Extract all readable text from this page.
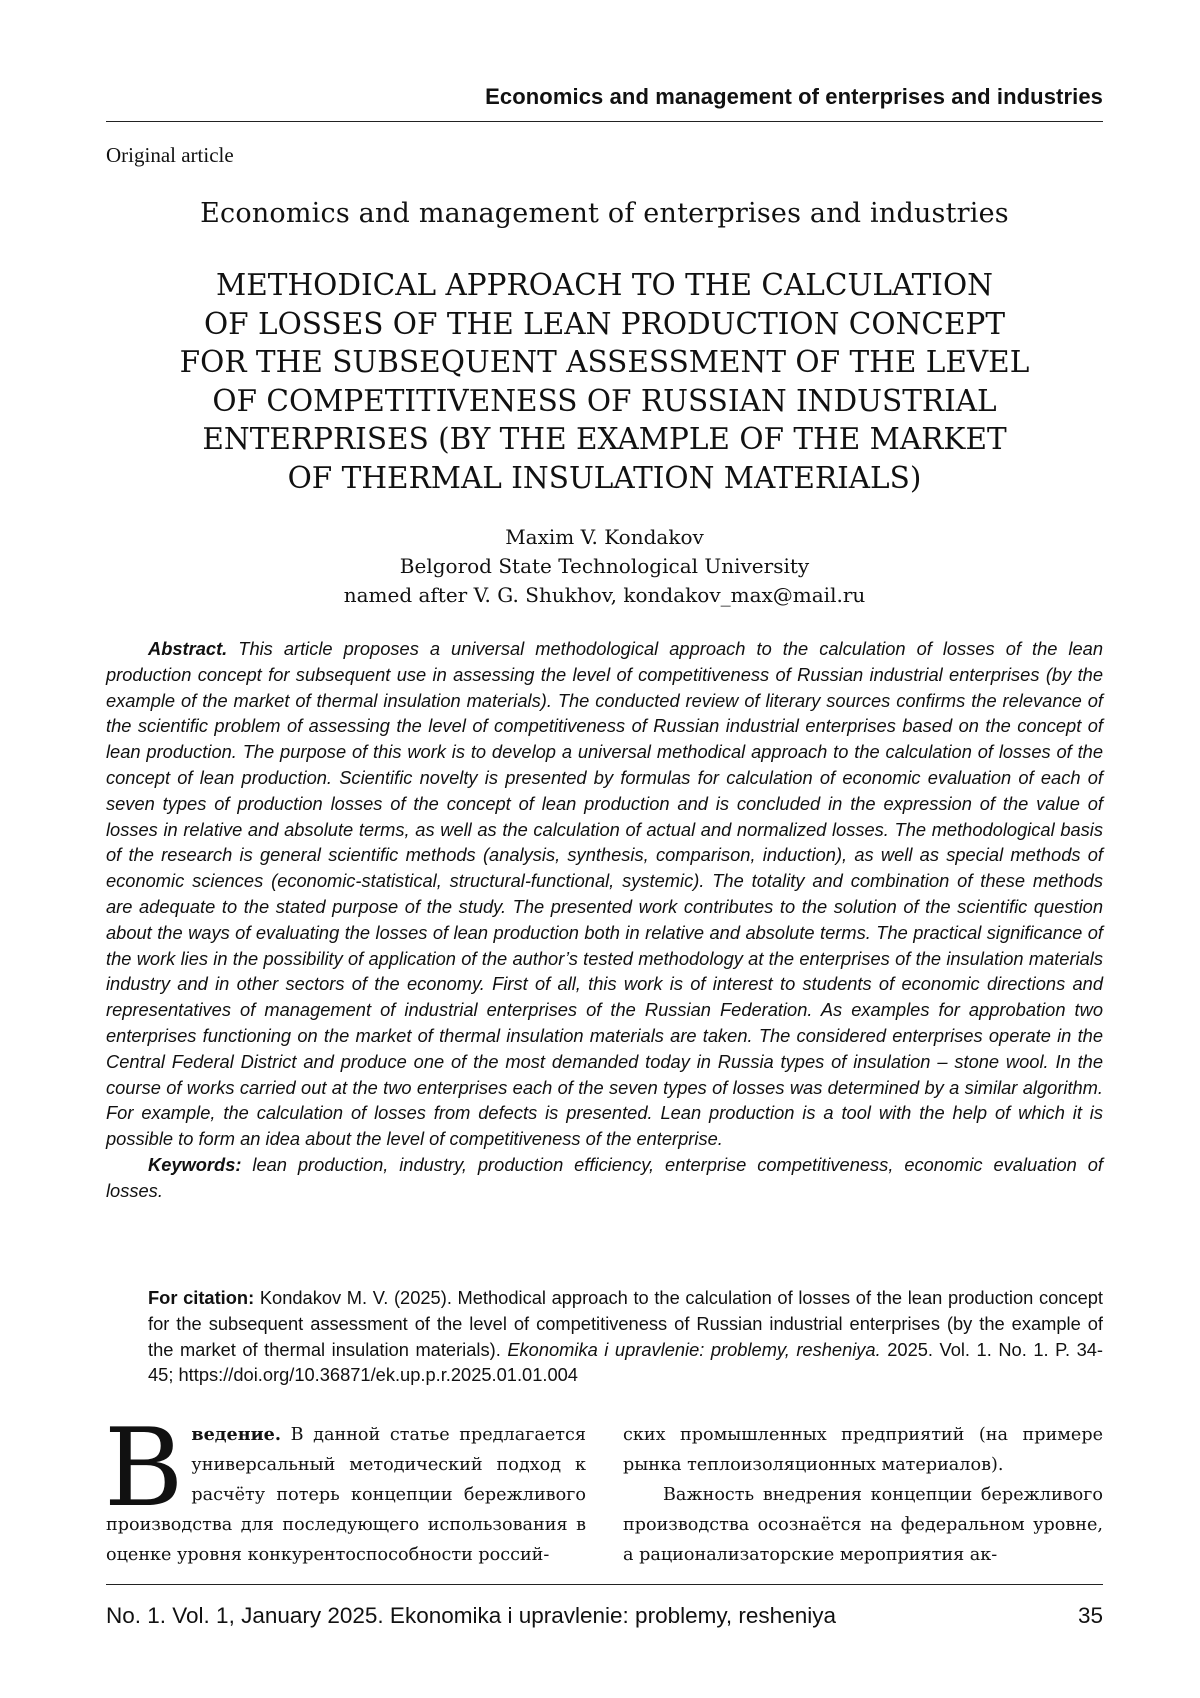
Economics and management of enterprises and industries
Original article
Economics and management of enterprises and industries
METHODICAL APPROACH TO THE CALCULATION
OF LOSSES OF THE LEAN PRODUCTION CONCEPT
FOR THE SUBSEQUENT ASSESSMENT OF THE LEVEL
OF COMPETITIVENESS OF RUSSIAN INDUSTRIAL
ENTERPRISES (BY THE EXAMPLE OF THE MARKET
OF THERMAL INSULATION MATERIALS)
Maxim V. Kondakov
Belgorod State Technological University
named after V. G. Shukhov, kondakov_max@mail.ru

Abstract. This article proposes a universal methodological approach to the calculation of losses of the lean production concept for subsequent use in assessing the level of competitiveness of Russian industrial enterprises (by the example of the market of thermal insulation materials). The conducted review of literary sources confirms the relevance of the scientific problem of assessing the level of competitiveness of Russian industrial enterprises based on the concept of lean production. The purpose of this work is to develop a universal methodical approach to the calculation of losses of the concept of lean production. Scientific novelty is presented by formulas for calculation of economic evaluation of each of seven types of production losses of the concept of lean production and is concluded in the expression of the value of losses in relative and absolute terms, as well as the calculation of actual and normalized losses. The methodological basis of the research is general scientific methods (analysis, synthesis, comparison, induction), as well as special methods of economic sciences (economic-statistical, structural-functional, systemic). The totality and combination of these methods are adequate to the stated purpose of the study. The presented work contributes to the solution of the scientific question about the ways of evaluating the losses of lean production both in relative and absolute terms. The practical significance of the work lies in the possibility of application of the author’s tested methodology at the enterprises of the insulation materials industry and in other sectors of the economy. First of all, this work is of interest to students of economic directions and representatives of management of industrial enterprises of the Russian Federation. As examples for approbation two enterprises functioning on the market of thermal insulation materials are taken. The considered enterprises operate in the Central Federal District and produce one of the most demanded today in Russia types of insulation – stone wool. In the course of works carried out at the two enterprises each of the seven types of losses was determined by a similar algorithm. For example, the calculation of losses from defects is presented. Lean production is a tool with the help of which it is possible to form an idea about the level of competitiveness of the enterprise.

Keywords: lean production, industry, production efficiency, enterprise competitiveness, economic evaluation of losses.

For citation: Kondakov M. V. (2025). Methodical approach to the calculation of losses of the lean production concept for the subsequent assessment of the level of competitiveness of Russian industrial enterprises (by the example of the market of thermal insulation materials). Ekonomika i upravlenie: problemy, resheniya. 2025. Vol. 1. No. 1. P. 34-45; https://doi.org/10.36871/ek.up.p.r.2025.01.01.004

Введение. В данной статье предлагается универсальный методический подход к расчёту потерь концепции бережливого производства для последующего использования в оценке уровня конкурентоспособности россий-

ских промышленных предприятий (на примере рынка теплоизоляционных материалов).

Важность внедрения концепции бережливого производства осознаётся на федеральном уровне, а рационализаторские мероприятия ак-

No. 1. Vol. 1, January 2025. Ekonomika i upravlenie: problemy, resheniya	35
